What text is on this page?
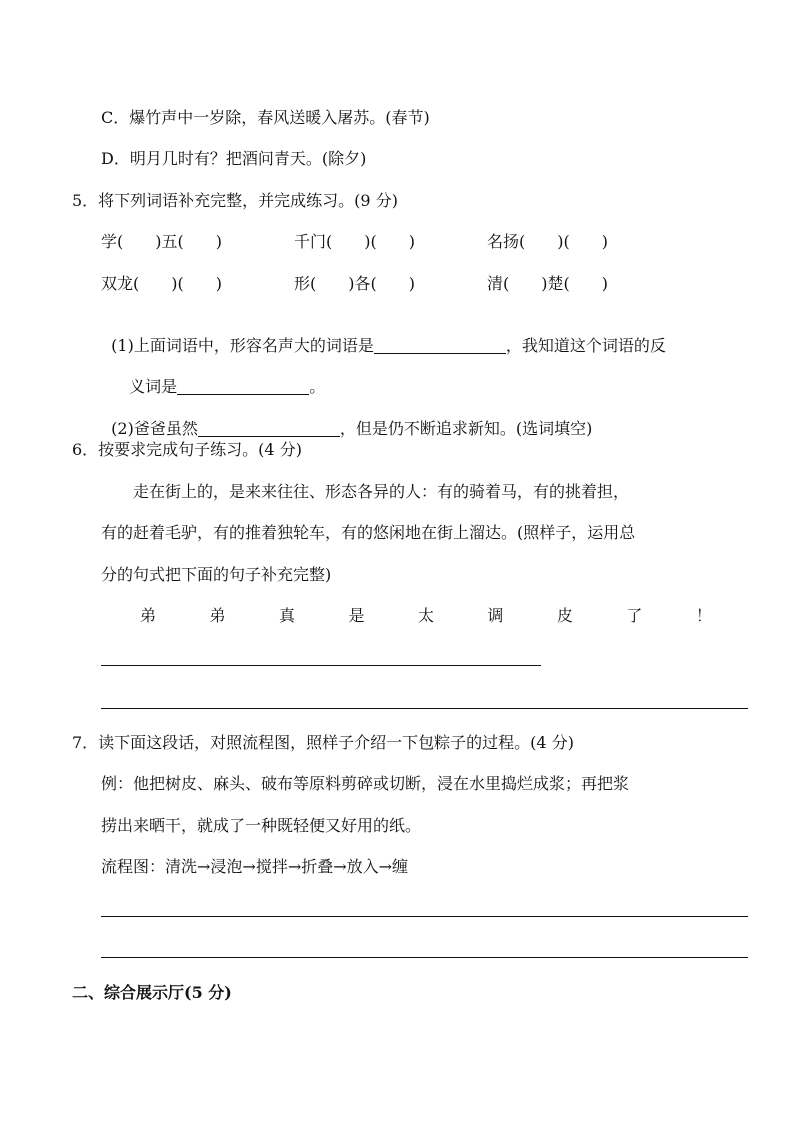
C．爆竹声中一岁除，春风送暖入屠苏。(春节)
D．明月几时有？把酒问青天。(除夕)
5．将下列词语补充完整，并完成练习。(9 分)
学(　　)五(　　)	千门(　　)(　　)	名扬(　　)(　　)
双龙(　　)(　　)	形(　　)各(　　)	清(　　)楚(　　)

(1)上面词语中，形容名声大的词语是	，我知道这个词语的反

义词是	。

(2)爸爸虽然	，但是仍不断追求新知。(选词填空)

6．按要求完成句子练习。(4 分)
走在街上的，是来来往往、形态各异的人：有的骑着马，有的挑着担，
有的赶着毛驴，有的推着独轮车，有的悠闲地在街上溜达。(照样子，运用总
分的句式把下面的句子补充完整)
弟	弟	真	是	太	调	皮	了	！
7．读下面这段话，对照流程图，照样子介绍一下包粽子的过程。(4 分)
例：他把树皮、麻头、破布等原料剪碎或切断，浸在水里捣烂成浆；再把浆
捞出来晒干，就成了一种既轻便又好用的纸。
流程图：清洗→浸泡→搅拌→折叠→放入→缠
二、综合展示厅(5 分)
